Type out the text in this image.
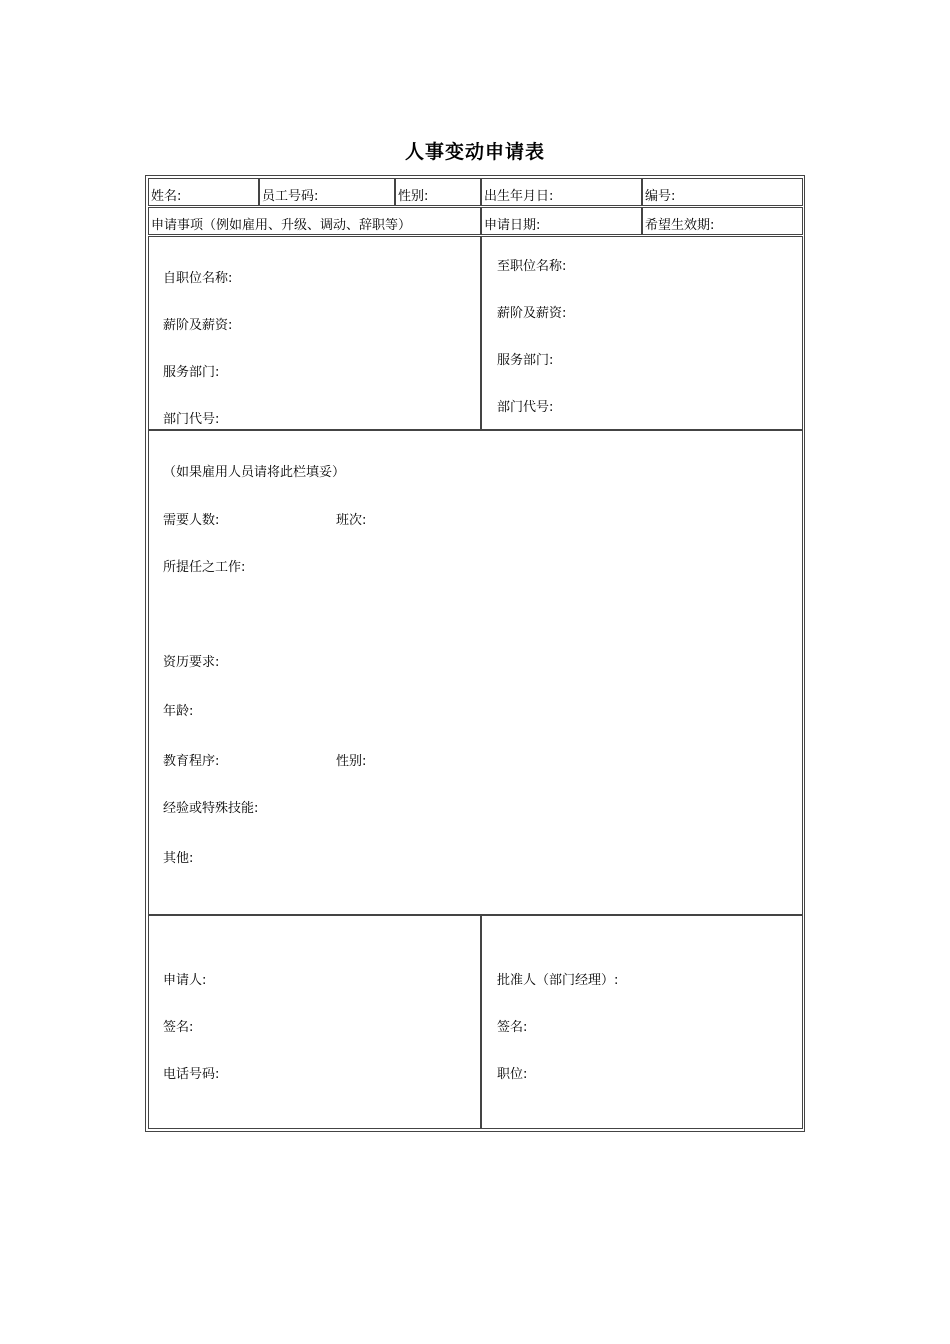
人事变动申请表
姓名:	员工号码:	性别:	出生年月日:	编号:
申请事项（例如雇用、升级、调动、辞职等）	申请日期:	希望生效期:
自职位名称:
薪阶及薪资:
服务部门:
部门代号:
至职位名称:
薪阶及薪资:
服务部门:
部门代号:
（如果雇用人员请将此栏填妥）
需要人数:	班次:
所提任之工作:
资历要求:
年龄:
教育程序:	性别:
经验或特殊技能:
其他:
申请人:
签名:
电话号码:
批准人（部门经理）:
签名:
职位:
